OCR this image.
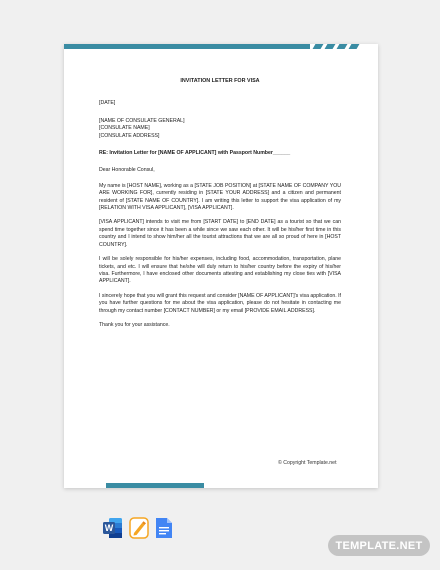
INVITATION LETTER FOR VISA

[DATE]

[NAME OF CONSULATE GENERAL]

[CONSULATE NAME]

[CONSULATE ADDRESS]

RE: Invitation Letter for [NAME OF APPLICANT] with Passport Number______

Dear Honorable Consul,

My name is [HOST NAME], working as a [STATE JOB POSITION] at [STATE NAME OF COMPANY YOU ARE WORKING FOR], currently residing in [STATE YOUR ADDRESS] and a citizen and permanent resident of [STATE NAME OF COUNTRY]. I am writing this letter to support the visa application of my [RELATION WITH VISA APPLICANT], [VISA APPLICANT].

[VISA APPLICANT] intends to visit me from [START DATE] to [END DATE] as a tourist so that we can spend time together since it has been a while since we saw each other. It will be his/her first time in this country and I intend to show him/her all the tourist attractions that we are all so proud of here in [HOST COUNTRY].

I will be solely responsible for his/her expenses, including food, accommodation, transportation, plane tickets, and etc. I will ensure that he/she will duly return to his/her country before the expiry of his/her visa. Furthermore, I have enclosed other documents attesting and establishing my close ties with [VISA APPLICANT].

I sincerely hope that you will grant this request and consider [NAME OF APPLICANT]'s visa application. If you have further questions for me about the visa application, please do not hesitate in contacting me through my contact number [CONTACT NUMBER] or my email [PROVIDE EMAIL ADDRESS].

Thank you for your assistance.

© Copyright Template.net
W
TEMPLATE.NET
